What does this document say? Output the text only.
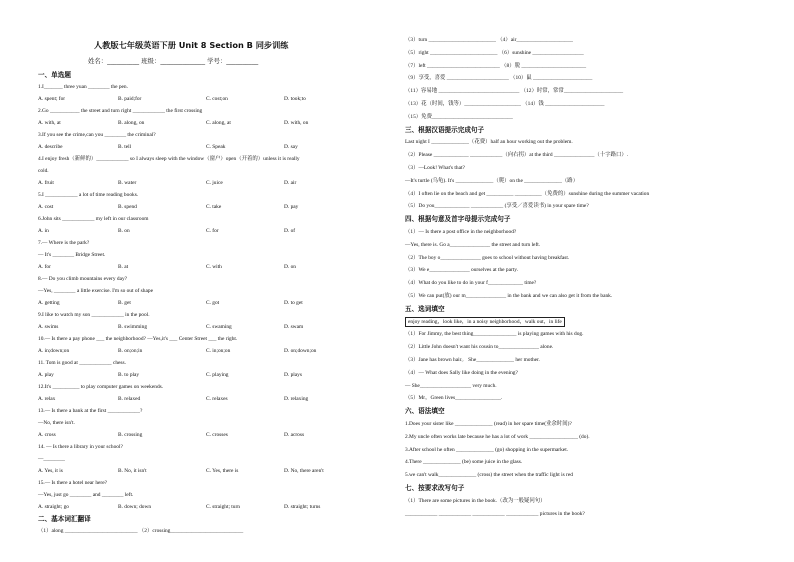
人教版七年级英语下册 Unit 8 Section B 同步训练
姓名：__________ 班级：______________ 学号：__________
一、单选题
1.I_______ three yuan ________ the pen.
A. spent; for	B. paid;for	C. cost;on	D. took;to
2.Go ___________ the street and turn right ____________ the first crossing
A. with, at	B. along, on	C. along, at	D. with, on
3.If you see the crime,can you ________ the criminal?
A. describe	B. tell	C. Speak	D. say
4.I enjoy fresh（新鲜的）____________ so I always sleep with the window（窗户）open（开着的）unless it is really
cold.
A. fruit	B. water	C. juice	D. air
5.I ____________ a lot of time reading books.
A. cost	B. spend	C. take	D. pay
6.John sits ____________ my left in our classroom
A. in	B. on	C. for	D. of
7.— Where is the park?
— It's ________ Bridge Street.
A. for	B. at	C. with	D. on
8.— Do you climb mountains every day?
—Yes, ________ a little exercise. I'm so out of shape
A. getting	B. get	C. got	D. to get
9.I like to watch my son ____________ in the pool.
A. swims	B. swimming	C. swaming	D. swam
10.— Is there a pay phone ___ the neighborhood? —Yes,it's ___ Center Street ___ the right.
A. in;down;on	B. on;on;in	C. in;on;on	D. on;down;on
11. Tom is good at ____________ chess.
A. play	B. to play	C. playing	D. plays
12.It's __________ to play computer games on weekends.
A. relax	B. relaxed	C. relaxes	D. relaxing
13.— Is there a bank at the first ____________?
—No, there isn't.
A. cross	B. crossing	C. crosses	D. across
14. — Is there a library in your school?
—________
A. Yes, it is	B. No, it isn't	C. Yes, there is	D. No, there aren't
15.— Is there a hotel near here?
—Yes, just go ________ and ________ left.
A. straight; go	B. down; down	C. straight; turn	D. straight; turns
二、基本词汇翻译
（1）along ___________________________ （2）crossing___________________________
（3）turn _________________________ （4）air_____________________
（5）right _________________________ （6）sunshine ___________________
（7）left ___________________________ （8）脱 ________________________
（9）享受，喜爱 _______________________ （10）鼠 ______________________
（11）容易地 ______________________________ （12）时常，常常______________________
（13）花（时间，钱等）_____________________ （14）钱 ______________________
（15）免费______________________________
三、根据汉语提示完成句子
Last night I ______________（花费）half an hour working out the problem.
（2）Please _____________ ____________（向右拐）at the third _______________（十字路口）.
（3）—Look! What's that?
—It's turtle (乌龟). It's ______________（爬）on the ______________（路）
（4）I often lie on the beach and get __________ __________（免费的）sunshine during the summer vacation
（5）Do you_____________ ____________ (享受／喜爱读书) in your spare time?
四、根据句意及首字母提示完成句子
（1）— Is there a post office in the neighborhood?
—Yes, there is. Go a_______________ the street and turn left.
（2）The boy o_______________ goes to school without having breakfast.
（3）We e_______________ ourselves at the party.
（4）What do you like to do in your f_____________ time?
（5）We can put(放) our m_______________ in the bank and we can also get it from the bank.
五、选词填空
enjoy reading，look like，in a noisy neighborhood，walk out，in life
（1）For Jimmy, the best thing________________ is playing games with his dog.
（2）Little John doesn't want his cousin to_______________ alone.
（3）Jane has brown hair。 She______________ her mother.
（4）— What does Sally like doing in the evening?
— She___________________ very much.
（5）Mr，Green lives_________________.
六、语法填空
1.Does your sister like ______________ (read) in her spare time(业余时间)?
2.My uncle often works late because he has a lot of work __________________ (do).
3.After school he often ______________ (go) shopping in the supermarket.
4.There ______________ (be) some juice in the glass.
5.we can't walk______________ (cross) the street when the traffic light is red
七、按要求改写句子
（1）There are some pictures in the book.（改为一般疑问句）
____________ ____________ ____________ ____________ pictures in the book?
